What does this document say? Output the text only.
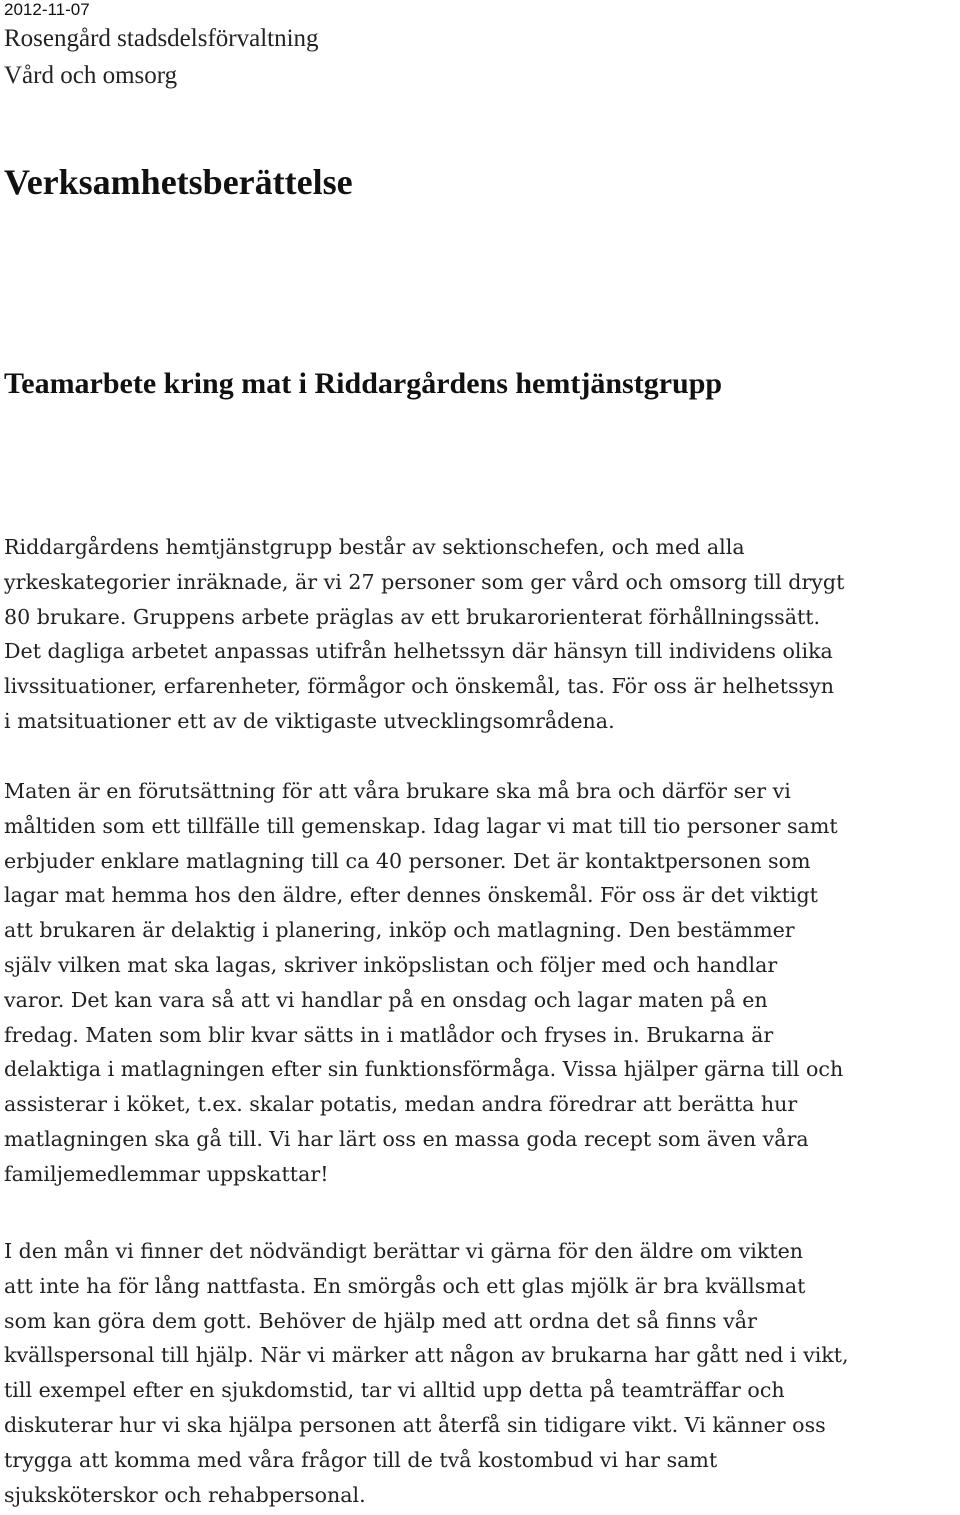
2012-11-07
Rosengård stadsdelsförvaltning
Vård och omsorg
Verksamhetsberättelse
Teamarbete kring mat i Riddargårdens hemtjänstgrupp

Riddargårdens hemtjänstgrupp består av sektionschefen, och med alla
yrkeskategorier inräknade, är vi 27 personer som ger vård och omsorg till drygt
80 brukare. Gruppens arbete präglas av ett brukarorienterat förhållningssätt.
Det dagliga arbetet anpassas utifrån helhetssyn där hänsyn till individens olika
livssituationer, erfarenheter, förmågor och önskemål, tas. För oss är helhetssyn
i matsituationer ett av de viktigaste utvecklingsområdena.

Maten är en förutsättning för att våra brukare ska må bra och därför ser vi
måltiden som ett tillfälle till gemenskap. Idag lagar vi mat till tio personer samt
erbjuder enklare matlagning till ca 40 personer. Det är kontaktpersonen som
lagar mat hemma hos den äldre, efter dennes önskemål. För oss är det viktigt
att brukaren är delaktig i planering, inköp och matlagning. Den bestämmer
själv vilken mat ska lagas, skriver inköpslistan och följer med och handlar
varor. Det kan vara så att vi handlar på en onsdag och lagar maten på en
fredag. Maten som blir kvar sätts in i matlådor och fryses in. Brukarna är
delaktiga i matlagningen efter sin funktionsförmåga. Vissa hjälper gärna till och
assisterar i köket, t.ex. skalar potatis, medan andra föredrar att berätta hur
matlagningen ska gå till. Vi har lärt oss en massa goda recept som även våra
familjemedlemmar uppskattar!

I den mån vi finner det nödvändigt berättar vi gärna för den äldre om vikten
att inte ha för lång nattfasta. En smörgås och ett glas mjölk är bra kvällsmat
som kan göra dem gott. Behöver de hjälp med att ordna det så finns vår
kvällspersonal till hjälp. När vi märker att någon av brukarna har gått ned i vikt,
till exempel efter en sjukdomstid, tar vi alltid upp detta på teamträffar och
diskuterar hur vi ska hjälpa personen att återfå sin tidigare vikt. Vi känner oss
trygga att komma med våra frågor till de två kostombud vi har samt
sjuksköterskor och rehabpersonal.
